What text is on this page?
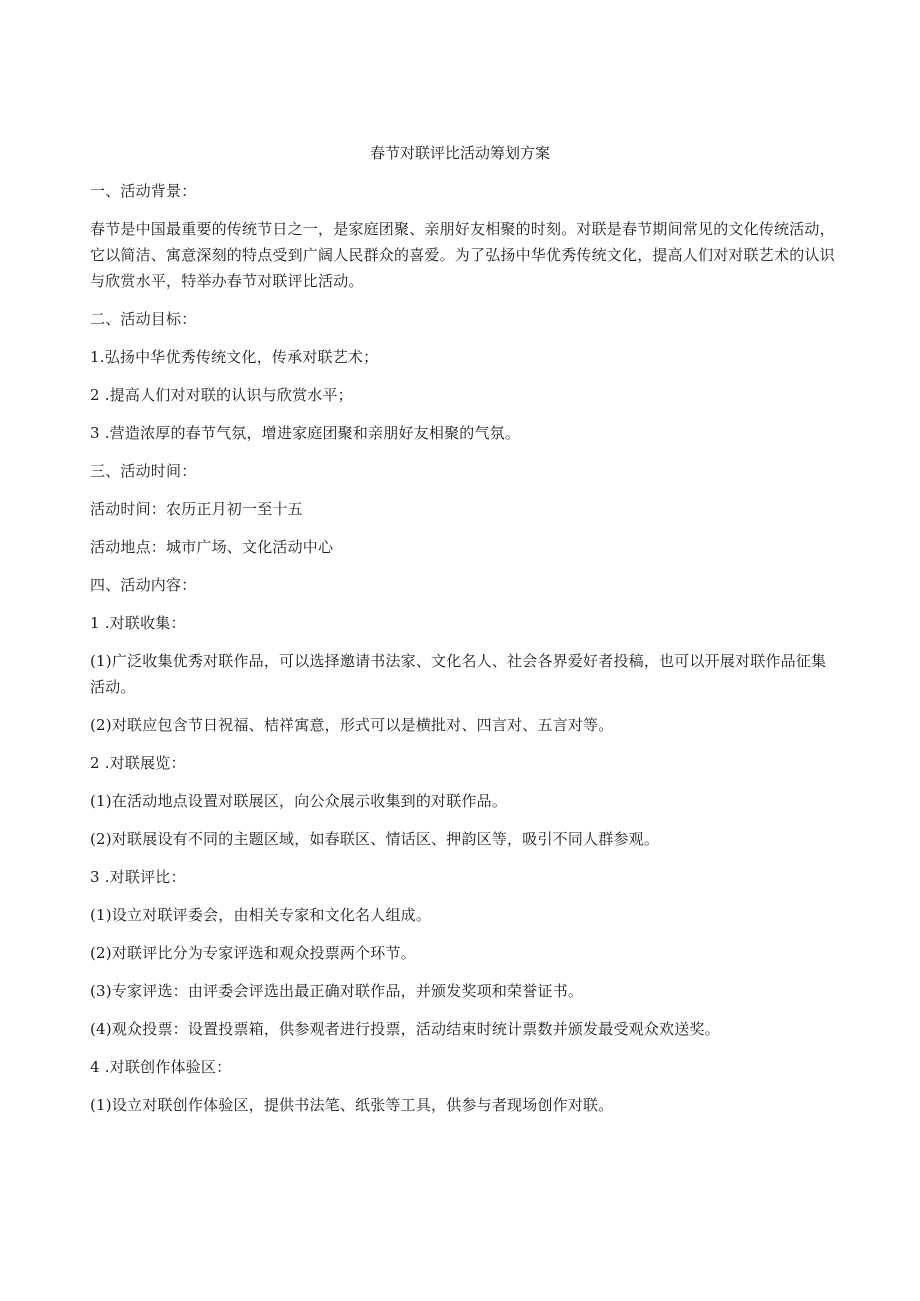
春节对联评比活动筹划方案

一、活动背景：

春节是中国最重要的传统节日之一，是家庭团聚、亲朋好友相聚的时刻。对联是春节期间常见的文化传统活动，它以简洁、寓意深刻的特点受到广阔人民群众的喜爱。为了弘扬中华优秀传统文化，提高人们对对联艺术的认识与欣赏水平，特举办春节对联评比活动。

二、活动目标：

1.弘扬中华优秀传统文化，传承对联艺术；

2 .提高人们对对联的认识与欣赏水平；

3 .营造浓厚的春节气氛，增进家庭团聚和亲朋好友相聚的气氛。

三、活动时间：

活动时间：农历正月初一至十五

活动地点：城市广场、文化活动中心

四、活动内容：

1 .对联收集：

(1)广泛收集优秀对联作品，可以选择邀请书法家、文化名人、社会各界爱好者投稿，也可以开展对联作品征集活动。

(2)对联应包含节日祝福、桔祥寓意，形式可以是横批对、四言对、五言对等。

2 .对联展览：

(1)在活动地点设置对联展区，向公众展示收集到的对联作品。

(2)对联展设有不同的主题区域，如春联区、情话区、押韵区等，吸引不同人群参观。

3 .对联评比：

(1)设立对联评委会，由相关专家和文化名人组成。

(2)对联评比分为专家评选和观众投票两个环节。

(3)专家评选：由评委会评选出最正确对联作品，并颁发奖项和荣誉证书。

(4)观众投票：设置投票箱，供参观者进行投票，活动结束时统计票数并颁发最受观众欢送奖。

4 .对联创作体验区：

(1)设立对联创作体验区，提供书法笔、纸张等工具，供参与者现场创作对联。
